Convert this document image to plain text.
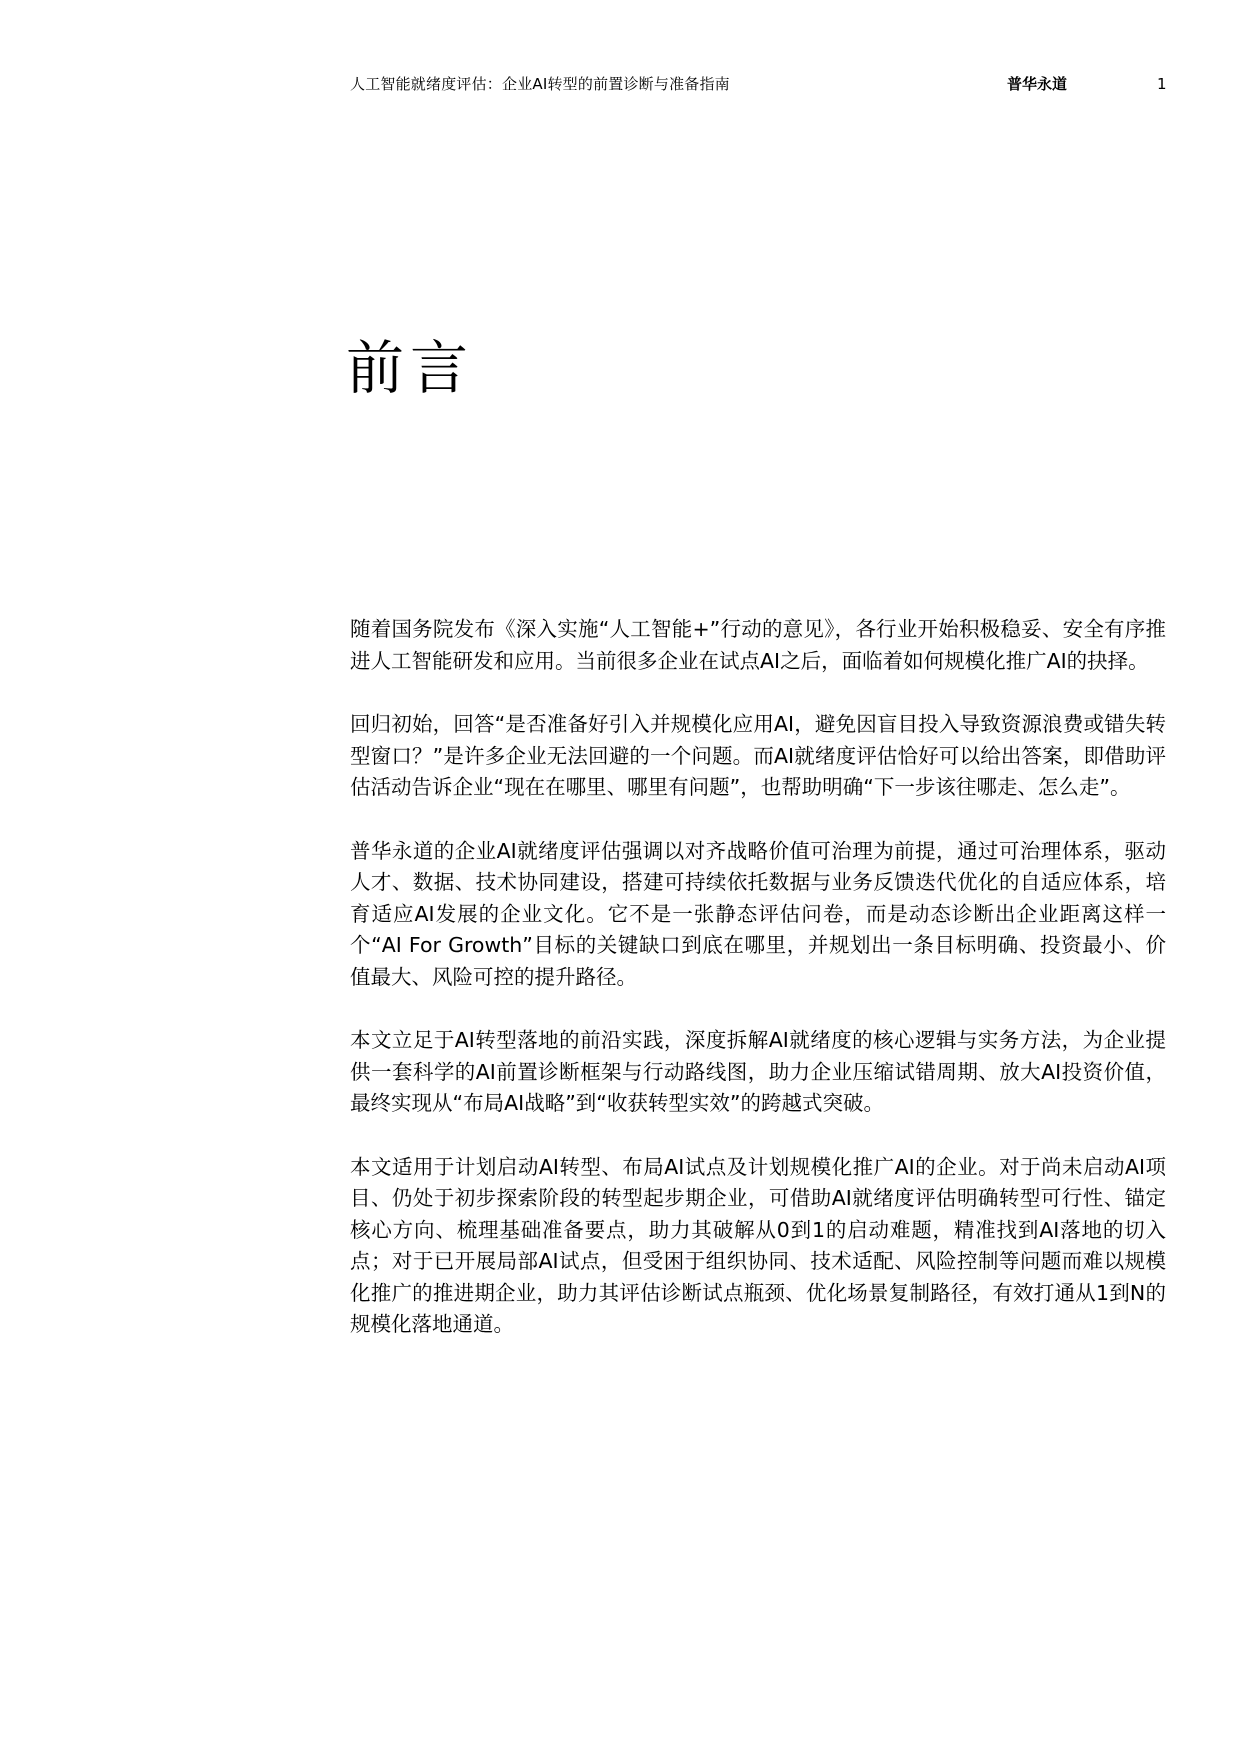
人工智能就绪度评估：企业AI转型的前置诊断与准备指南	普华永道	1
前言

随着国务院发布《深入实施“人工智能+”行动的意见》，各行业开始积极稳妥、安全有序推进人工智能研发和应用。当前很多企业在试点AI之后，面临着如何规模化推广AI的抉择。

回归初始，回答“是否准备好引入并规模化应用AI，避免因盲目投入导致资源浪费或错失转型窗口？”是许多企业无法回避的一个问题。而AI就绪度评估恰好可以给出答案，即借助评估活动告诉企业“现在在哪里、哪里有问题”，也帮助明确“下一步该往哪走、怎么走”。

普华永道的企业AI就绪度评估强调以对齐战略价值可治理为前提，通过可治理体系，驱动人才、数据、技术协同建设，搭建可持续依托数据与业务反馈迭代优化的自适应体系，培育适应AI发展的企业文化。它不是一张静态评估问卷，而是动态诊断出企业距离这样一个“AI For Growth”目标的关键缺口到底在哪里，并规划出一条目标明确、投资最小、价值最大、风险可控的提升路径。

本文立足于AI转型落地的前沿实践，深度拆解AI就绪度的核心逻辑与实务方法，为企业提供一套科学的AI前置诊断框架与行动路线图，助力企业压缩试错周期、放大AI投资价值，最终实现从“布局AI战略”到“收获转型实效”的跨越式突破。

本文适用于计划启动AI转型、布局AI试点及计划规模化推广AI的企业。对于尚未启动AI项目、仍处于初步探索阶段的转型起步期企业，可借助AI就绪度评估明确转型可行性、锚定核心方向、梳理基础准备要点，助力其破解从0到1的启动难题，精准找到AI落地的切入点；对于已开展局部AI试点，但受困于组织协同、技术适配、风险控制等问题而难以规模化推广的推进期企业，助力其评估诊断试点瓶颈、优化场景复制路径，有效打通从1到N的规模化落地通道。
